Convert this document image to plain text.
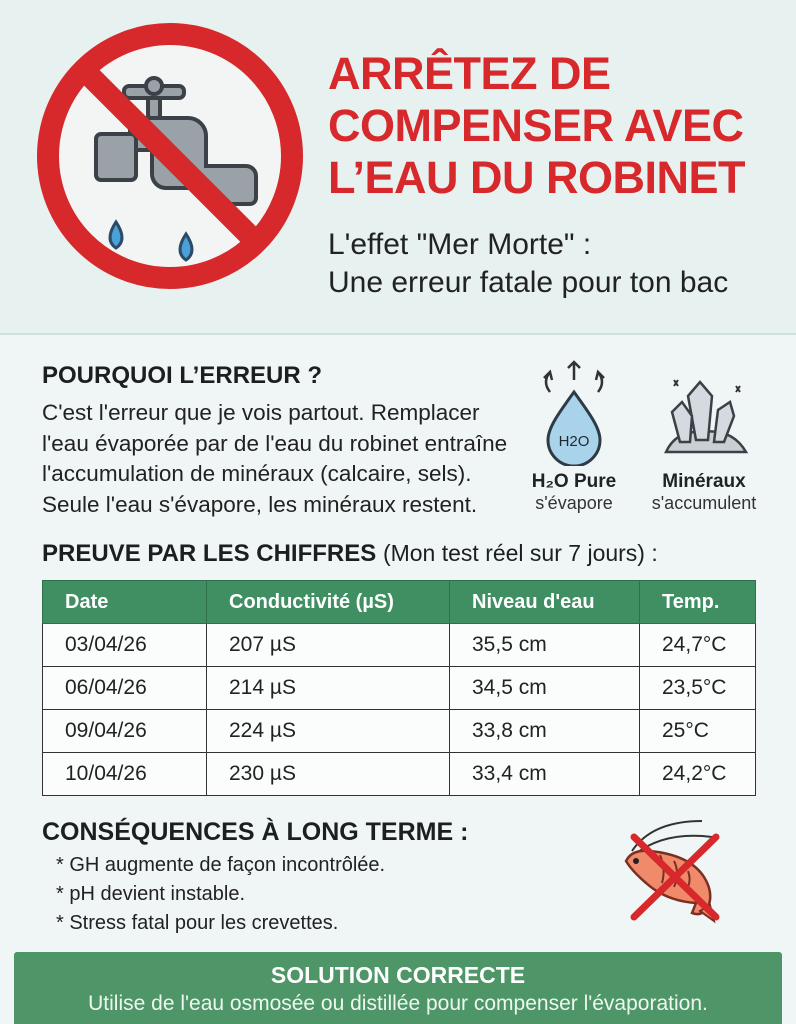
ARRÊTEZ DE
COMPENSER AVEC
L’EAU DU ROBINET
L'effet "Mer Morte" :
Une erreur fatale pour ton bac
POURQUOI L’ERREUR ?
C'est l'erreur que je vois partout. Remplacer
l'eau évaporée par de l'eau du robinet entraîne
l'accumulation de minéraux (calcaire, sels).
Seule l'eau s'évapore, les minéraux restent.
H2O
H₂O Pure
s'évapore
Minéraux
s'accumulent
PREUVE PAR LES CHIFFRES (Mon test réel sur 7 jours) :
Date	Conductivité (µS)	Niveau d'eau	Temp.
03/04/26	207 µS	35,5 cm	24,7°C
06/04/26	214 µS	34,5 cm	23,5°C
09/04/26	224 µS	33,8 cm	25°C
10/04/26	230 µS	33,4 cm	24,2°C
CONSÉQUENCES À LONG TERME :
* GH augmente de façon incontrôlée.
* pH devient instable.
* Stress fatal pour les crevettes.
SOLUTION CORRECTE
Utilise de l'eau osmosée ou distillée pour compenser l'évaporation.
